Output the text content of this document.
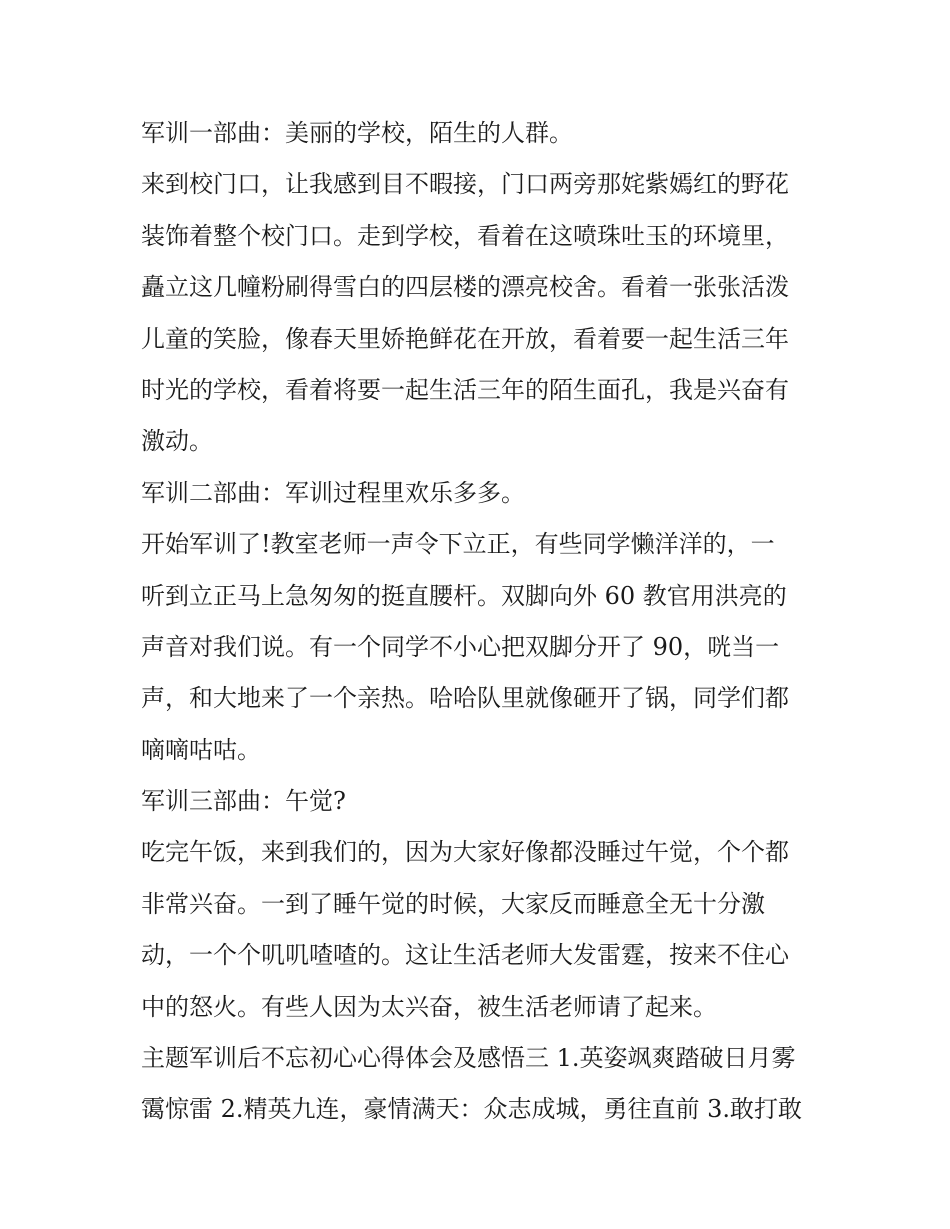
军训一部曲：美丽的学校，陌生的人群。
来到校门口，让我感到目不暇接，门口两旁那姹紫嫣红的野花
装饰着整个校门口。走到学校，看着在这喷珠吐玉的环境里，
矗立这几幢粉刷得雪白的四层楼的漂亮校舍。看着一张张活泼
儿童的笑脸，像春天里娇艳鲜花在开放，看着要一起生活三年
时光的学校，看着将要一起生活三年的陌生面孔，我是兴奋有
激动。
军训二部曲：军训过程里欢乐多多。
开始军训了!教室老师一声令下立正，有些同学懒洋洋的，一
听到立正马上急匆匆的挺直腰杆。双脚向外 60 教官用洪亮的
声音对我们说。有一个同学不小心把双脚分开了 90，咣当一
声，和大地来了一个亲热。哈哈队里就像砸开了锅，同学们都
嘀嘀咕咕。
军训三部曲：午觉?
吃完午饭，来到我们的，因为大家好像都没睡过午觉，个个都
非常兴奋。一到了睡午觉的时候，大家反而睡意全无十分激
动，一个个叽叽喳喳的。这让生活老师大发雷霆，按来不住心
中的怒火。有些人因为太兴奋，被生活老师请了起来。
主题军训后不忘初心心得体会及感悟三 1.英姿飒爽踏破日月雾
霭惊雷 2.精英九连，豪情满天：众志成城，勇往直前 3.敢打敢
